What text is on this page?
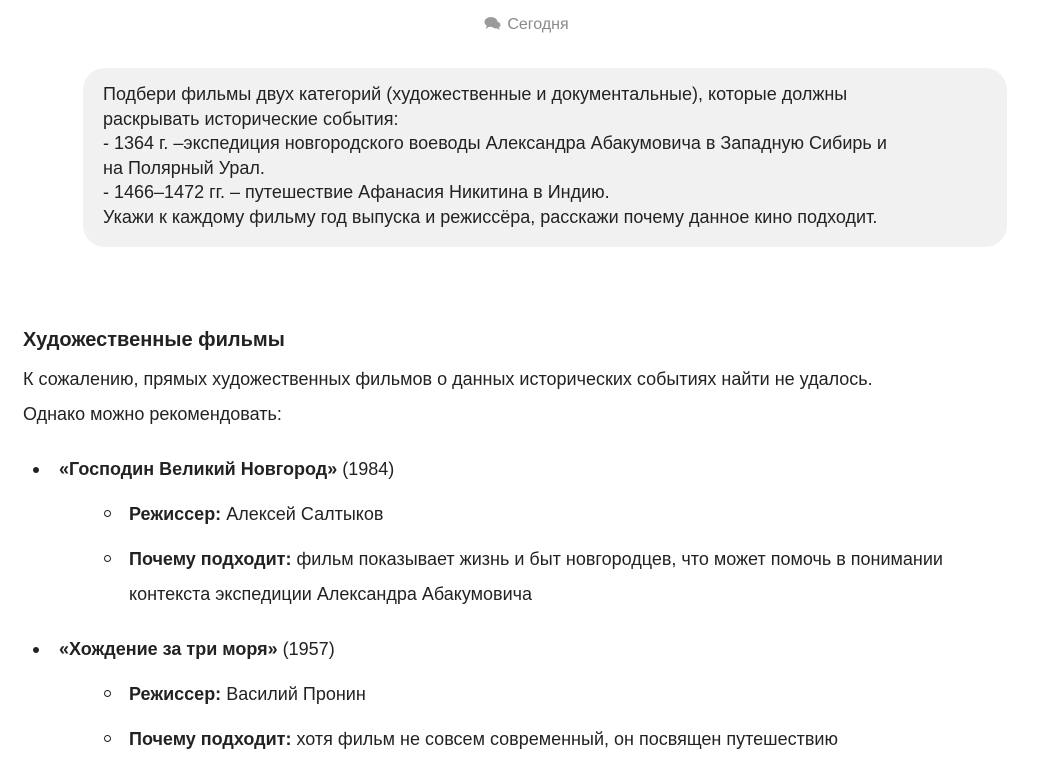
Сегодня
Подбери фильмы двух категорий (художественные и документальные), которые должны
раскрывать исторические события:
- 1364 г. –экспедиция новгородского воеводы Александра Абакумовича в Западную Сибирь и
на Полярный Урал.
- 1466–1472 гг. – путешествие Афанасия Никитина в Индию.
Укажи к каждому фильму год выпуска и режиссёра, расскажи почему данное кино подходит.
Художественные фильмы

К сожалению, прямых художественных фильмов о данных исторических событиях найти не удалось. Однако можно рекомендовать:

«Господин Великий Новгород» (1984)
Режиссер: Алексей Салтыков
Почему подходит: фильм показывает жизнь и быт новгородцев, что может помочь в понимании контекста экспедиции Александра Абакумовича
«Хождение за три моря» (1957)
Режиссер: Василий Пронин
Почему подходит: хотя фильм не совсем современный, он посвящен путешествию
